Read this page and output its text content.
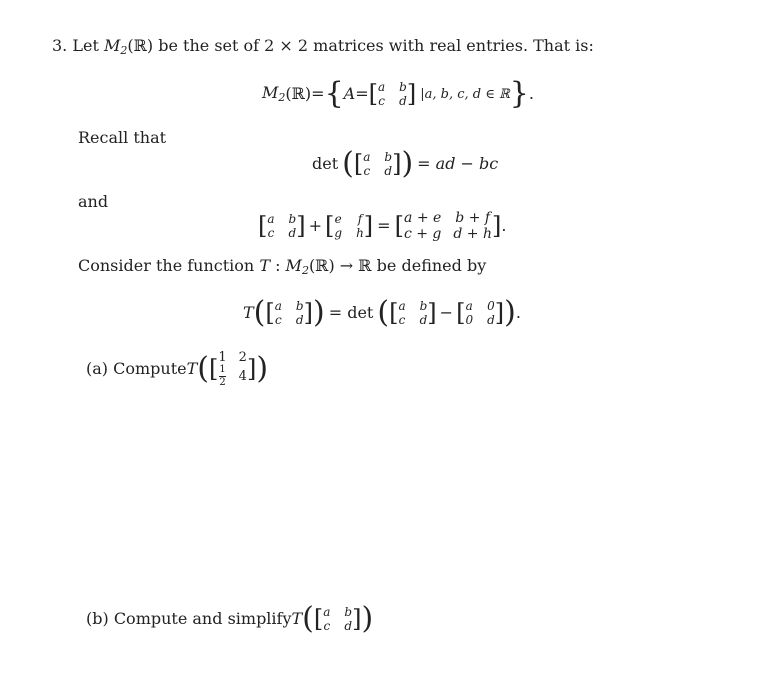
3. Let $M_2(ℝ)$ be the set of 2 × 2 matrices with real entries. That is:
$M_2$ (ℝ) = { A = [ a b
c d ] |a, b, c, d ∈ ℝ } .
Recall that
det ( [ a b
c d ] ) = ad − bc
and
[ a b
c d ] + [ e f
g h ] = [ a + e b + f
c + g d + h ] .
Consider the function T : $M_2(ℝ)$ → ℝ be defined by
T ( [ a b
c d ] ) = det ( [ a b
c d ] − [ a 0
0 d ] ) .
(a) Compute T ( [ 1 2
$\frac{1}{2} 4$ ] )
(b) Compute and simplify T ( [ a b
c d ] )
